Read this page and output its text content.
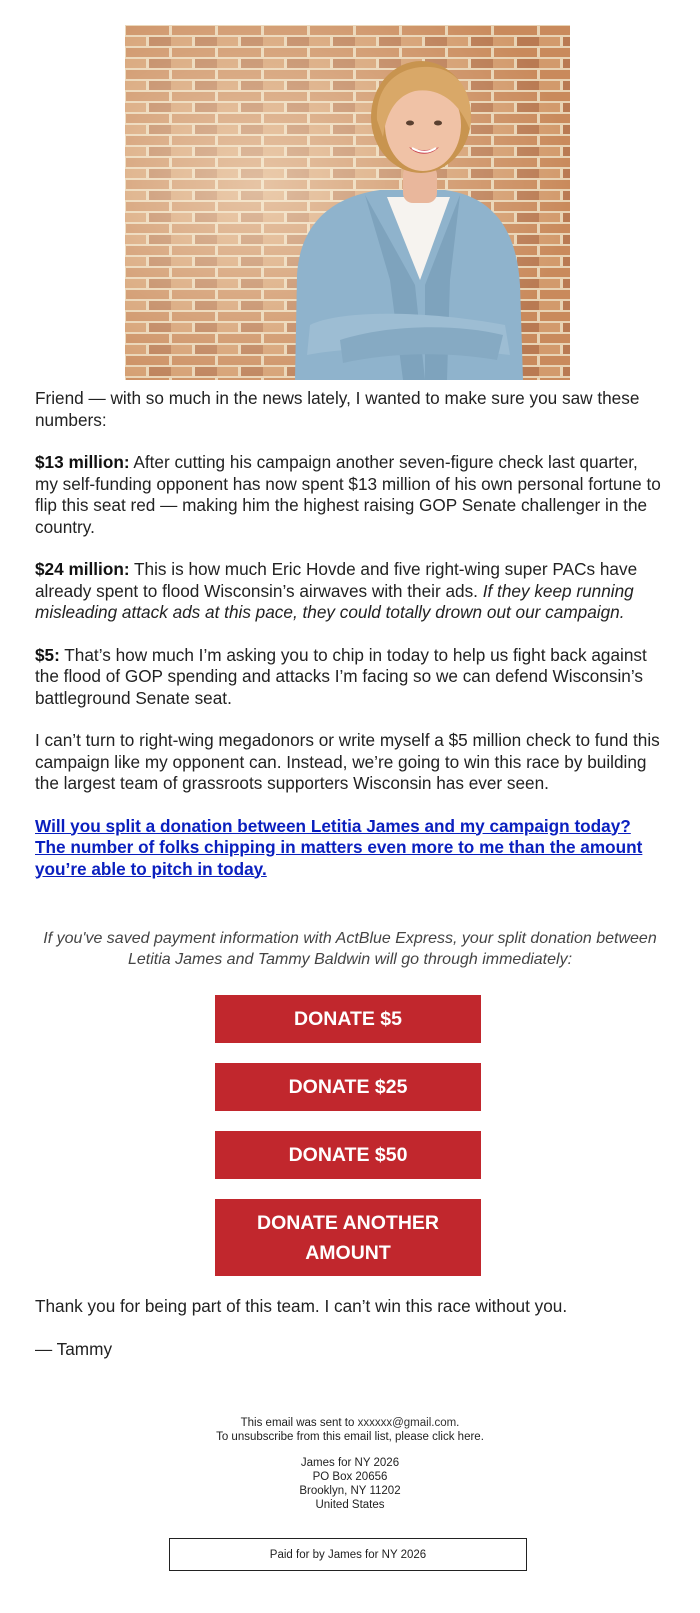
Friend — with so much in the news lately, I wanted to make sure you saw these numbers:

$13 million: After cutting his campaign another seven-figure check last quarter, my self-funding opponent has now spent $13 million of his own personal fortune to flip this seat red — making him the highest raising GOP Senate challenger in the country.

$24 million: This is how much Eric Hovde and five right-wing super PACs have already spent to flood Wisconsin’s airwaves with their ads. If they keep running misleading attack ads at this pace, they could totally drown out our campaign.

$5: That’s how much I’m asking you to chip in today to help us fight back against the flood of GOP spending and attacks I’m facing so we can defend Wisconsin’s battleground Senate seat.

I can’t turn to right-wing megadonors or write myself a $5 million check to fund this campaign like my opponent can. Instead, we’re going to win this race by building the largest team of grassroots supporters Wisconsin has ever seen.

Will you split a donation between Letitia James and my campaign today? The number of folks chipping in matters even more to me than the amount you’re able to pitch in today.
If you've saved payment information with ActBlue Express, your split donation between Letitia James and Tammy Baldwin will go through immediately:
DONATE $5
DONATE $25
DONATE $50
DONATE ANOTHER AMOUNT

Thank you for being part of this team. I can’t win this race without you.

— Tammy

This email was sent to xxxxxx@gmail.com.
To unsubscribe from this email list, please click here.
James for NY 2026
PO Box 20656
Brooklyn, NY 11202
United States
Paid for by James for NY 2026
